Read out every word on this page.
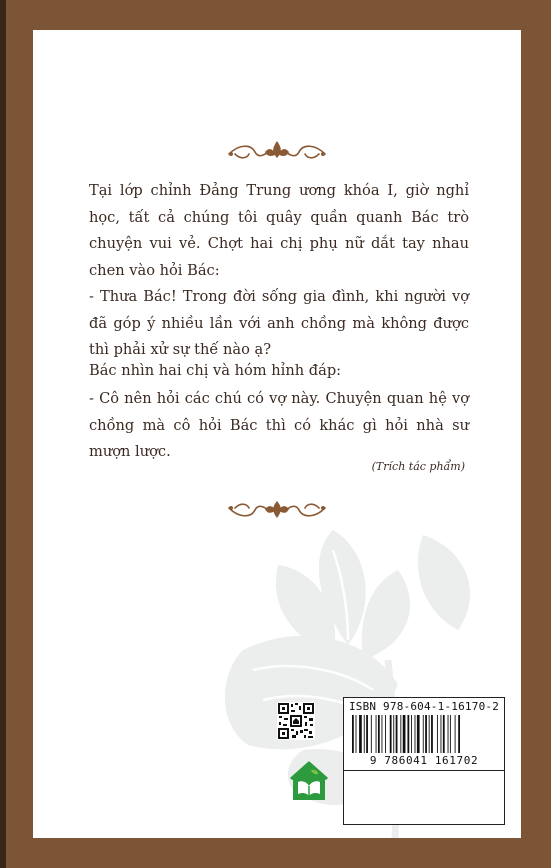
Tại lớp chỉnh Đảng Trung ương khóa I, giờ nghỉ học, tất cả chúng tôi quây quần quanh Bác trò chuyện vui vẻ. Chợt hai chị phụ nữ dắt tay nhau chen vào hỏi Bác:

- Thưa Bác! Trong đời sống gia đình, khi người vợ đã góp ý nhiều lần với anh chồng mà không được thì phải xử sự thế nào ạ?

Bác nhìn hai chị và hóm hỉnh đáp:

- Cô nên hỏi các chú có vợ này. Chuyện quan hệ vợ chồng mà cô hỏi Bác thì có khác gì hỏi nhà sư mượn lược.

(Trích tác phẩm)
ISBN 978-604-1-16170-2
9 786041 161702
